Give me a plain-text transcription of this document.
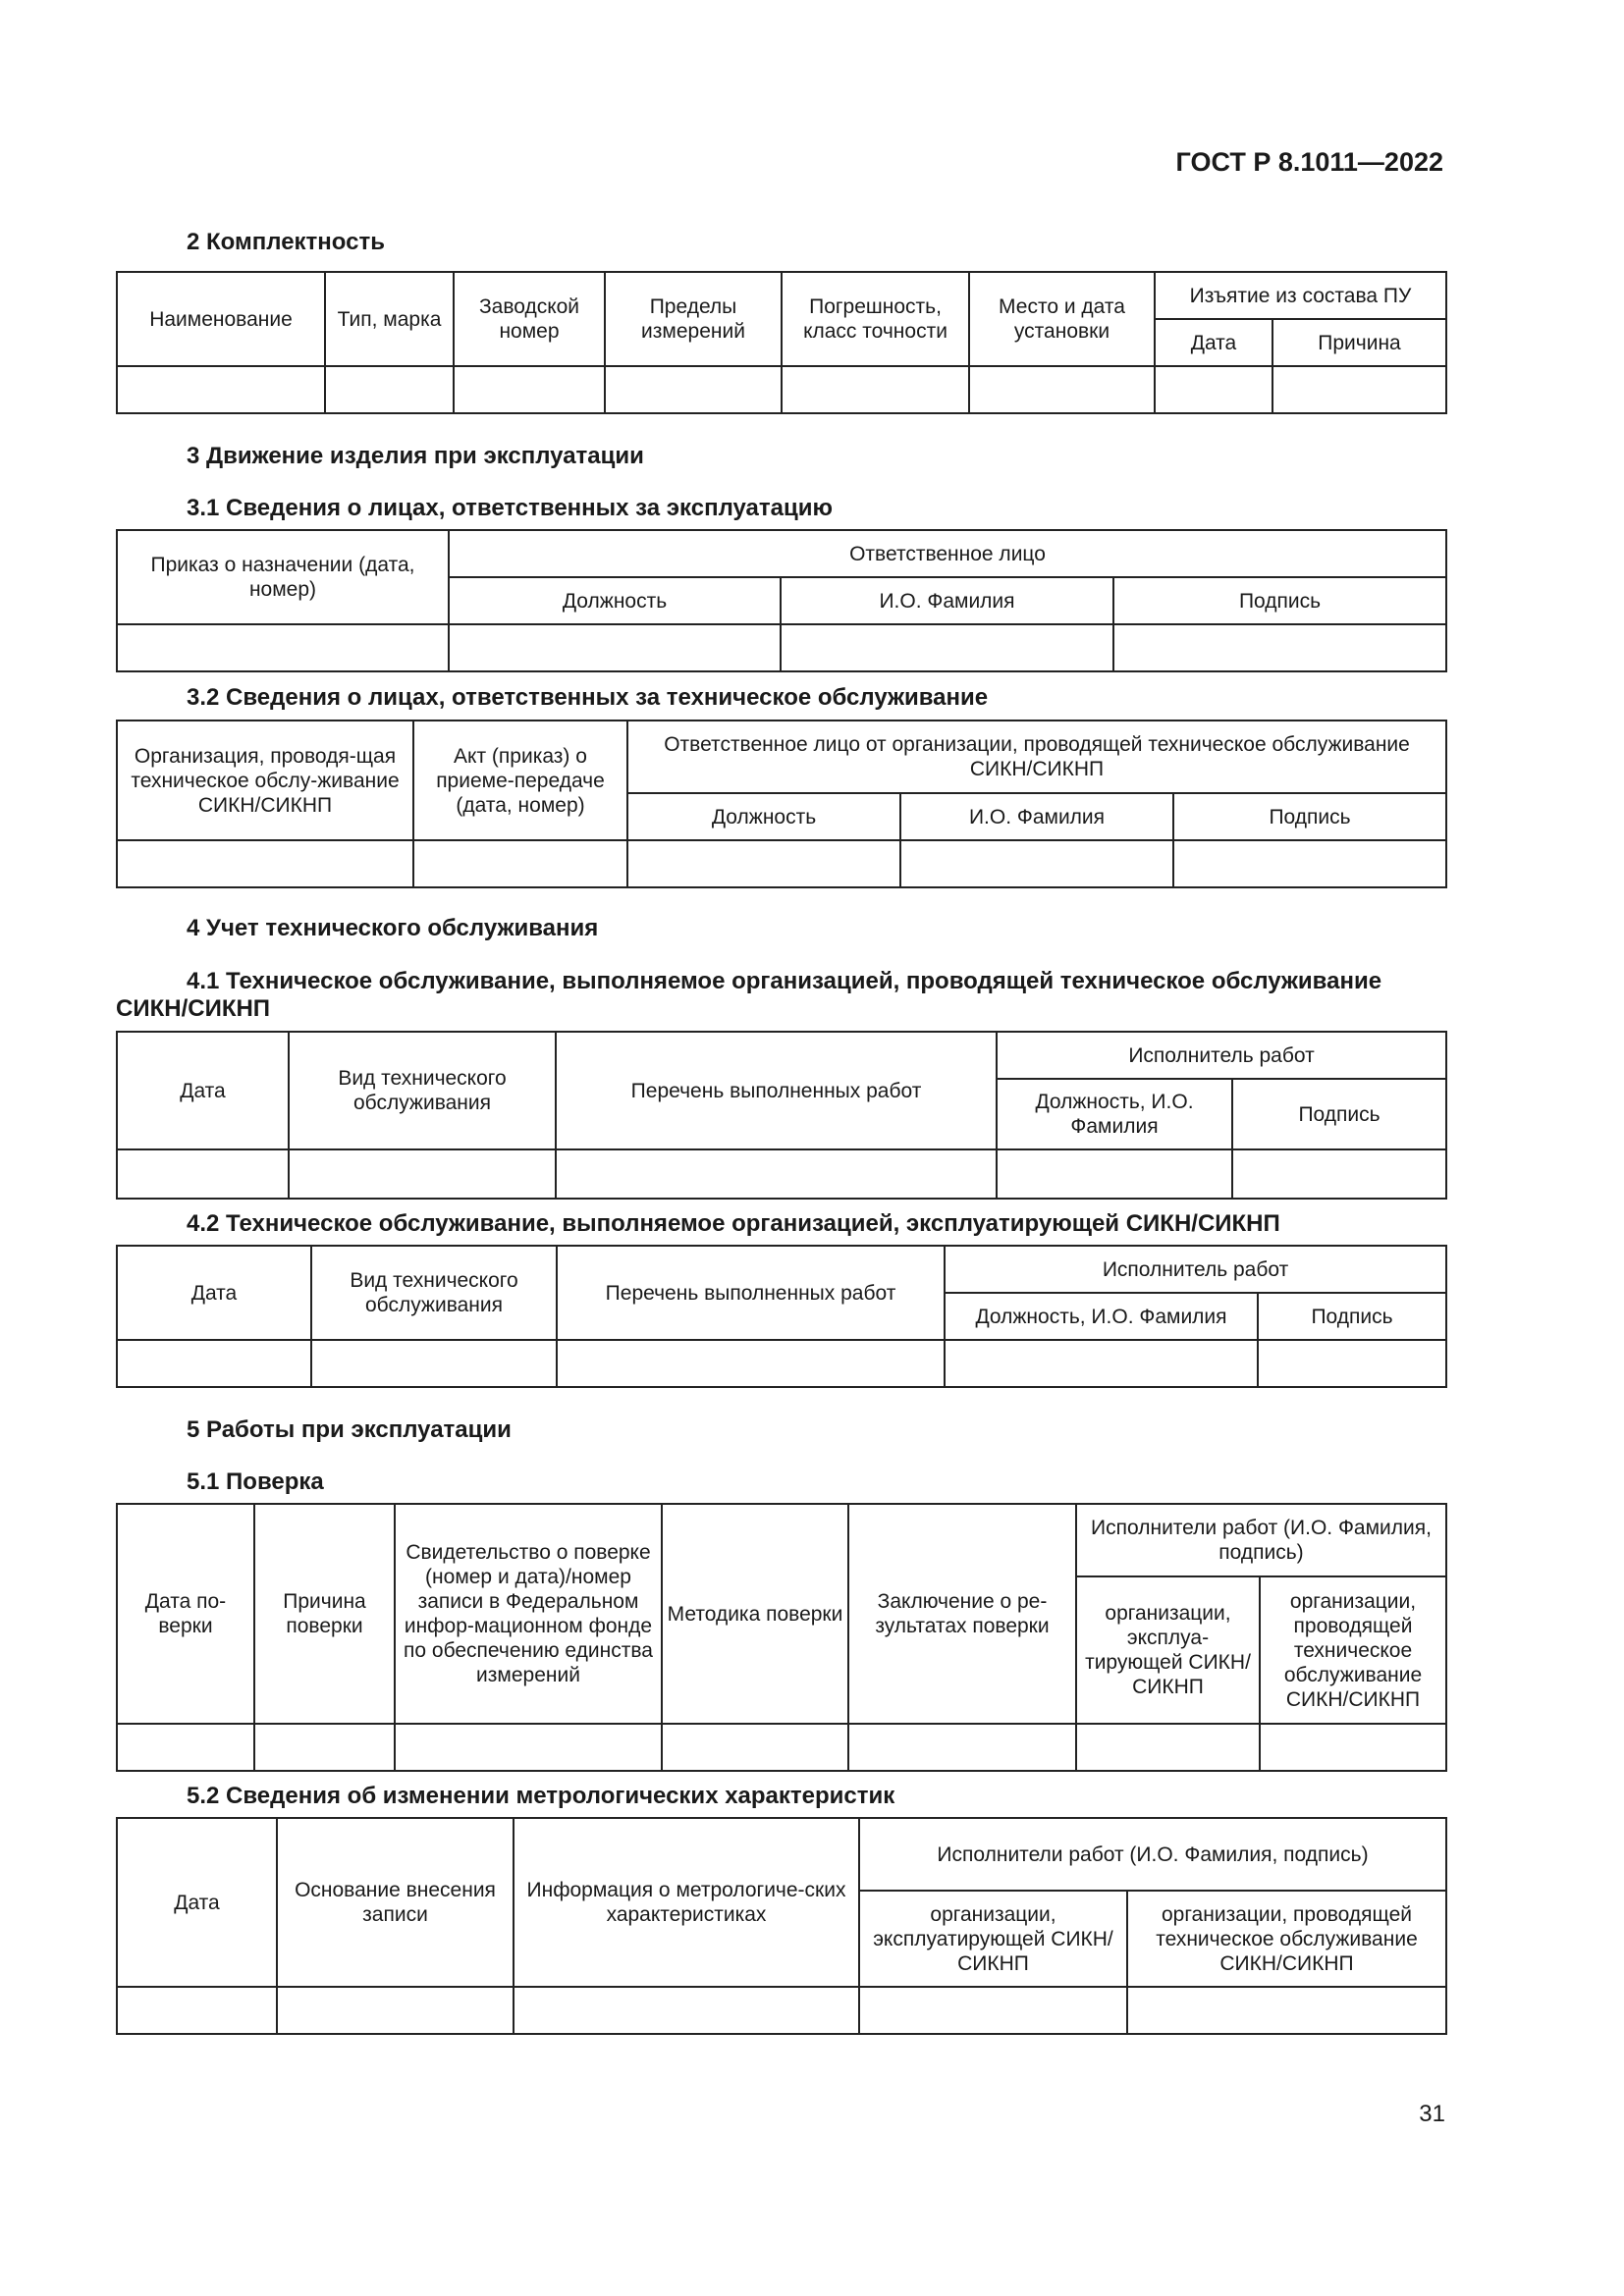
ГОСТ Р 8.1011—2022
2 Комплектность
Наименование	Тип, марка	Заводской номер	Пределы измерений	Погрешность, класс точности	Место и дата установки	Изъятие из состава ПУ	
						Дата	Причина

3 Движение изделия при эксплуатации
3.1 Сведения о лицах, ответственных за эксплуатацию
Приказ о назначении (дата, номер)	Ответственное лицо		
	Должность	И.О. Фамилия	Подпись

3.2 Сведения о лицах, ответственных за техническое обслуживание
Организация, проводя-щая техническое обслу-живание СИКН/СИКНП	Акт (приказ) о приеме-передаче (дата, номер)	Ответственное лицо от организации, проводящей техническое обслуживание СИКН/СИКНП		
		Должность	И.О. Фамилия	Подпись

4 Учет технического обслуживания
4.1 Техническое обслуживание, выполняемое организацией, проводящей техническое обслуживание
СИКН/СИКНП
Дата	Вид технического обслуживания	Перечень выполненных работ	Исполнитель работ	
			Должность, И.О. Фамилия	Подпись

4.2 Техническое обслуживание, выполняемое организацией, эксплуатирующей СИКН/СИКНП
Дата	Вид технического обслуживания	Перечень выполненных работ	Исполнитель работ	
			Должность, И.О. Фамилия	Подпись

5 Работы при эксплуатации
5.1 Поверка
Дата по-верки	Причина поверки	Свидетельство о поверке (номер и дата)/номер записи в Федеральном инфор-мационном фонде по обеспечению единства измерений	Методика поверки	Заключение о ре-зультатах поверки	Исполнители работ (И.О. Фамилия, подпись)	
					организации, эксплуа-тирующей СИКН/СИКНП	организации, проводящей техническое обслуживание СИКН/СИКНП

5.2 Сведения об изменении метрологических характеристик
Дата	Основание внесения записи	Информация о метрологиче-ских характеристиках	Исполнители работ (И.О. Фамилия, подпись)	
			организации, эксплуатирующей СИКН/СИКНП	организации, проводящей техническое обслуживание СИКН/СИКНП

31
